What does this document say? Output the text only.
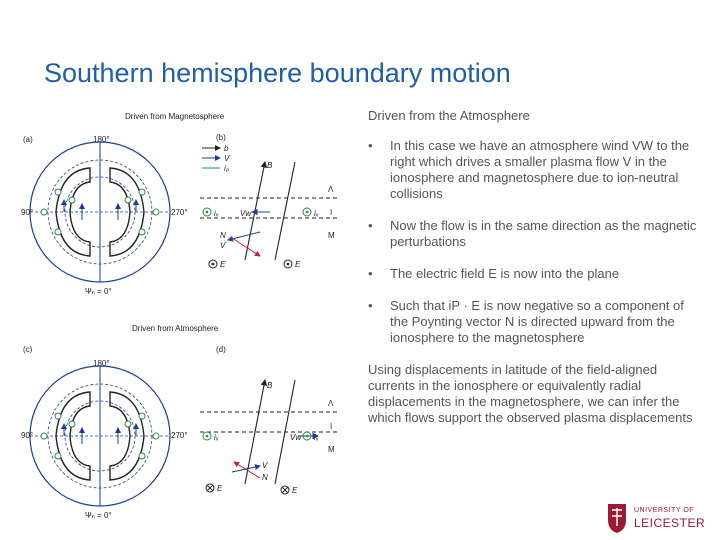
Southern hemisphere boundary motion
Driven from Magnetosphere
(a)	(b)
180°
90°	270°
Ψₙ = 0°
b
V
iₚ	B
Vw
V
N
iₓ	iₓ
E	E
Λ
I
M
Driven from Atmosphere
(c)	(d)
180°
90°	270°
Ψₙ = 0°
B
Vw
V
N
iₓ	iₓ
E	E
Λ
I
M
Driven from the Atmosphere
• In this case we have an atmosphere wind VW to the right which drives a smaller plasma flow V in the ionosphere and magnetosphere due to ion-neutral collisions
• Now the flow is in the same direction as the magnetic perturbations
• The electric field E is now into the plane
• Such that iP · E is now negative so a component of the Poynting vector N is directed upward from the ionosphere to the magnetosphere
Using displacements in latitude of the field-aligned currents in the ionosphere or equivalently radial displacements in the magnetosphere, we can infer the which flows support the observed plasma displacements
UNIVERSITY OF
LEICESTER
